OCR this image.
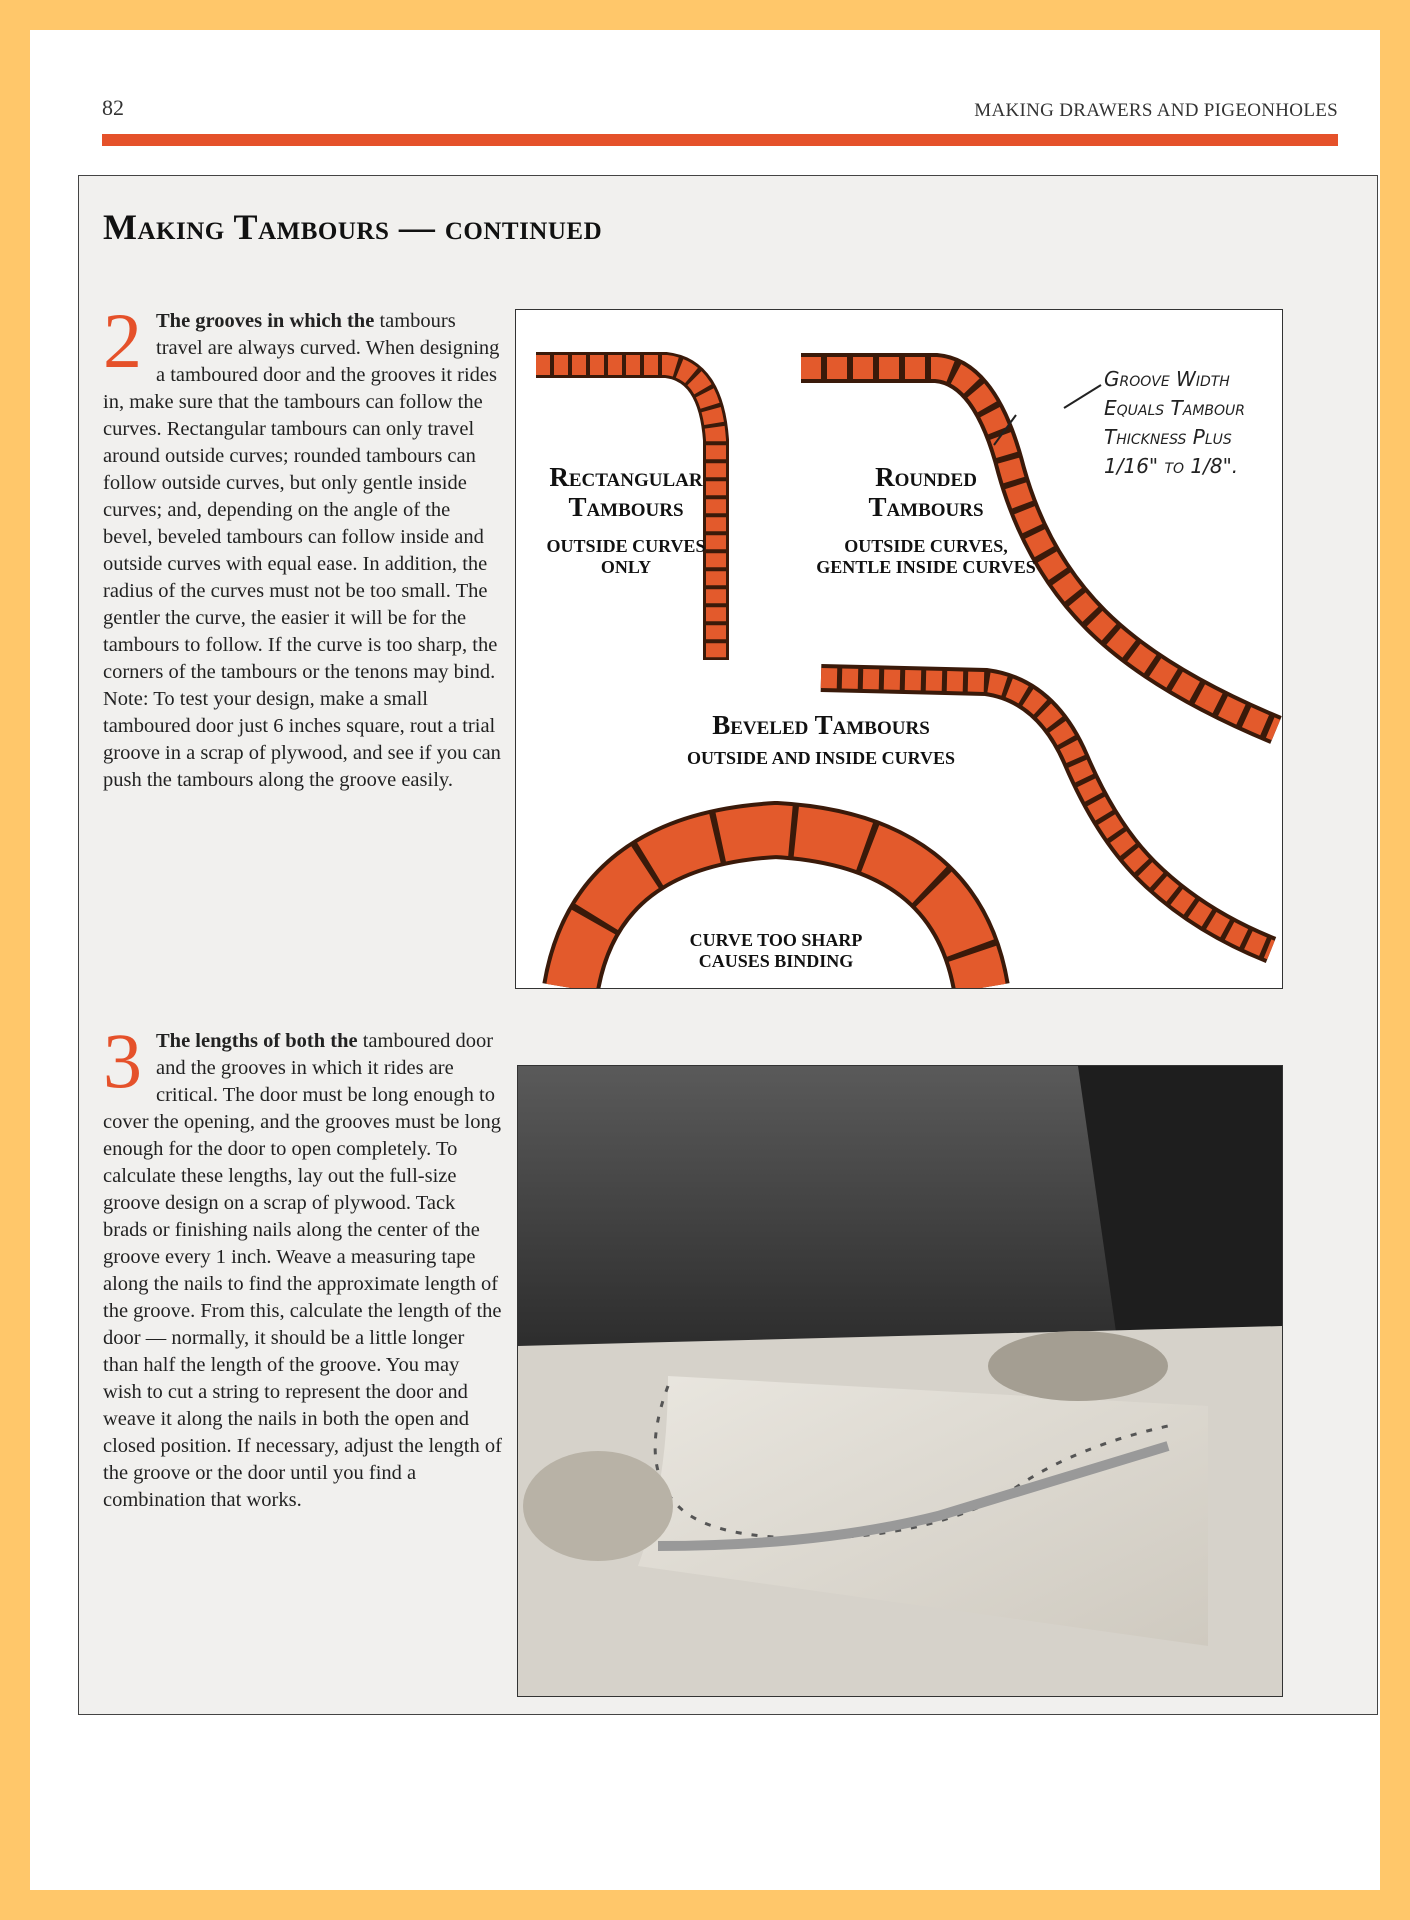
82	MAKING DRAWERS AND PIGEONHOLES
Making Tambours — continued
2 The grooves in which the tambours travel are always curved. When designing a tamboured door and the grooves it rides in, make sure that the tambours can follow the curves. Rectangular tambours can only travel around outside curves; rounded tambours can follow outside curves, but only gentle inside curves; and, depending on the angle of the bevel, beveled tambours can follow inside and outside curves with equal ease. In addition, the radius of the curves must not be too small. The gentler the curve, the easier it will be for the tambours to follow. If the curve is too sharp, the corners of the tambours or the tenons may bind. Note: To test your design, make a small tamboured door just 6 inches square, rout a trial groove in a scrap of plywood, and see if you can push the tambours along the groove easily.
3 The lengths of both the tamboured door and the grooves in which it rides are critical. The door must be long enough to cover the opening, and the grooves must be long enough for the door to open completely. To calculate these lengths, lay out the full-size groove design on a scrap of plywood. Tack brads or finishing nails along the center of the groove every 1 inch. Weave a measuring tape along the nails to find the approximate length of the groove. From this, calculate the length of the door — normally, it should be a little longer than half the length of the groove. You may wish to cut a string to represent the door and weave it along the nails in both the open and closed position. If necessary, adjust the length of the groove or the door until you find a combination that works.
Rectangular
Tambours
OUTSIDE CURVES ONLY
Rounded
Tambours
OUTSIDE CURVES, GENTLE INSIDE CURVES
Beveled Tambours
OUTSIDE AND INSIDE CURVES
CURVE TOO SHARP
CAUSES BINDING
Groove Width Equals Tambour Thickness Plus 1/16" to 1/8".
